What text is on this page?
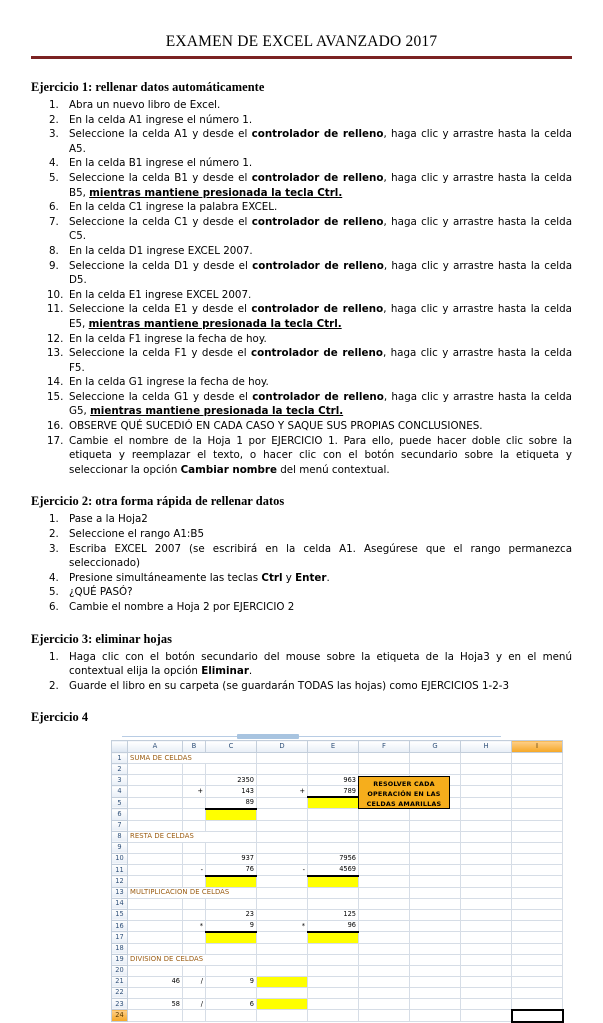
EXAMEN DE EXCEL AVANZADO 2017
Ejercicio 1: rellenar datos automáticamente
1. Abra un nuevo libro de Excel.
2. En la celda A1 ingrese el número 1.
3. Seleccione la celda A1 y desde el controlador de relleno, haga clic y arrastre hasta la celda A5.
4. En la celda B1 ingrese el número 1.
5. Seleccione la celda B1 y desde el controlador de relleno, haga clic y arrastre hasta la celda B5, mientras mantiene presionada la tecla Ctrl.
6. En la celda C1 ingrese la palabra EXCEL.
7. Seleccione la celda C1 y desde el controlador de relleno, haga clic y arrastre hasta la celda C5.
8. En la celda D1 ingrese EXCEL 2007.
9. Seleccione la celda D1 y desde el controlador de relleno, haga clic y arrastre hasta la celda D5.
10. En la celda E1 ingrese EXCEL 2007.
11. Seleccione la celda E1 y desde el controlador de relleno, haga clic y arrastre hasta la celda E5, mientras mantiene presionada la tecla Ctrl.
12. En la celda F1 ingrese la fecha de hoy.
13. Seleccione la celda F1 y desde el controlador de relleno, haga clic y arrastre hasta la celda F5.
14. En la celda G1 ingrese la fecha de hoy.
15. Seleccione la celda G1 y desde el controlador de relleno, haga clic y arrastre hasta la celda G5, mientras mantiene presionada la tecla Ctrl.
16. OBSERVE QUÉ SUCEDIÓ EN CADA CASO Y SAQUE SUS PROPIAS CONCLUSIONES.
17. Cambie el nombre de la Hoja 1 por EJERCICIO 1. Para ello, puede hacer doble clic sobre la etiqueta y reemplazar el texto, o hacer clic con el botón secundario sobre la etiqueta y seleccionar la opción Cambiar nombre del menú contextual.
Ejercicio 2: otra forma rápida de rellenar datos
1. Pase a la Hoja2
2. Seleccione el rango A1:B5
3. Escriba EXCEL 2007 (se escribirá en la celda A1. Asegúrese que el rango permanezca seleccionado)
4. Presione simultáneamente las teclas Ctrl y Enter.
5. ¿QUÉ PASÓ?
6. Cambie el nombre a Hoja 2 por EJERCICIO 2
Ejercicio 3: eliminar hojas
1. Haga clic con el botón secundario del mouse sobre la etiqueta de la Hoja3 y en el menú contextual elija la opción Eliminar.
2. Guarde el libro en su carpeta (se guardarán TODAS las hojas) como EJERCICIOS 1-2-3
Ejercicio 4
	A	B	C	D	E	F	G	H	I
1	SUMA DE CELDAS								
2									
3			2350		963				
4		+	143	+	789				
5			89						
6									
7									
8	RESTA DE CELDAS								
9									
10			937		7956				
11		-	76	-	4569				
12									
13	MULTIPLICACION DE CELDAS								
14									
15			23		125				
16		*	9	*	96				
17									
18									
19	DIVISION DE CELDAS								
20									
21	46	/	9						
22									
23	58	/	6						
24									
RESOLVER CADA
OPERACIÓN EN LAS
CELDAS AMARILLAS
